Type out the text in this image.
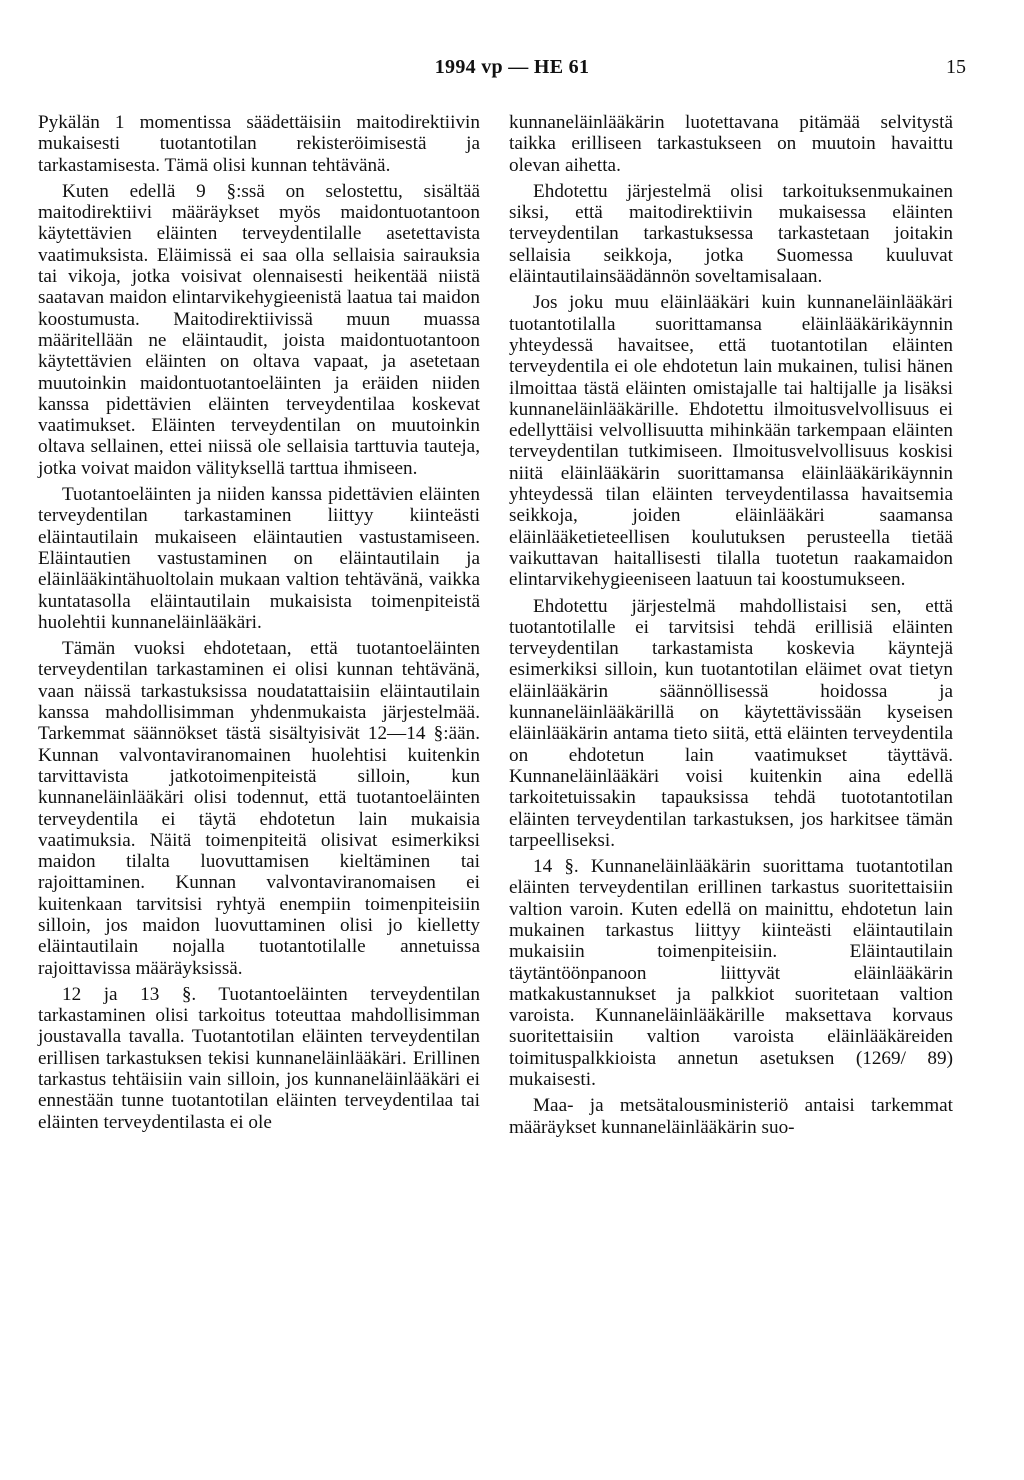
1994 vp — HE 61	15

Pykälän 1 momentissa säädettäisiin maitodirektiivin mukaisesti tuotantotilan rekisteröimisestä ja tarkastamisesta. Tämä olisi kunnan tehtävänä.

Kuten edellä 9 §:ssä on selostettu, sisältää maitodirektiivi määräykset myös maidontuotantoon käytettävien eläinten terveydentilalle asetettavista vaatimuksista. Eläimissä ei saa olla sellaisia sairauksia tai vikoja, jotka voisivat olennaisesti heikentää niistä saatavan maidon elintarvikehygieenistä laatua tai maidon koostumusta. Maitodirektiivissä muun muassa määritellään ne eläintaudit, joista maidontuotantoon käytettävien eläinten on oltava vapaat, ja asetetaan muutoinkin maidontuotantoeläinten ja eräiden niiden kanssa pidettävien eläinten terveydentilaa koskevat vaatimukset. Eläinten terveydentilan on muutoinkin oltava sellainen, ettei niissä ole sellaisia tarttuvia tauteja, jotka voivat maidon välityksellä tarttua ihmiseen.

Tuotantoeläinten ja niiden kanssa pidettävien eläinten terveydentilan tarkastaminen liittyy kiinteästi eläintautilain mukaiseen eläintautien vastustamiseen. Eläintautien vastustaminen on eläintautilain ja eläinlääkintähuoltolain mukaan valtion tehtävänä, vaikka kuntatasolla eläintautilain mukaisista toimenpiteistä huolehtii kunnaneläinlääkäri.

Tämän vuoksi ehdotetaan, että tuotantoeläinten terveydentilan tarkastaminen ei olisi kunnan tehtävänä, vaan näissä tarkastuksissa noudatattaisiin eläintautilain kanssa mahdollisimman yhdenmukaista järjestelmää. Tarkemmat säännökset tästä sisältyisivät 12—14 §:ään. Kunnan valvontaviranomainen huolehtisi kuitenkin tarvittavista jatkotoimenpiteistä silloin, kun kunnaneläinlääkäri olisi todennut, että tuotantoeläinten terveydentila ei täytä ehdotetun lain mukaisia vaatimuksia. Näitä toimenpiteitä olisivat esimerkiksi maidon tilalta luovuttamisen kieltäminen tai rajoittaminen. Kunnan valvontaviranomaisen ei kuitenkaan tarvitsisi ryhtyä enempiin toimenpiteisiin silloin, jos maidon luovuttaminen olisi jo kielletty eläintautilain nojalla tuotantotilalle annetuissa rajoittavissa määräyksissä.

12 ja 13 §. Tuotantoeläinten terveydentilan tarkastaminen olisi tarkoitus toteuttaa mahdollisimman joustavalla tavalla. Tuotantotilan eläinten terveydentilan erillisen tarkastuksen tekisi kunnaneläinlääkäri. Erillinen tarkastus tehtäisiin vain silloin, jos kunnaneläinlääkäri ei ennestään tunne tuotantotilan eläinten terveydentilaa tai eläinten terveydentilasta ei ole

kunnaneläinlääkärin luotettavana pitämää selvitystä taikka erilliseen tarkastukseen on muutoin havaittu olevan aihetta.

Ehdotettu järjestelmä olisi tarkoituksenmukainen siksi, että maitodirektiivin mukaisessa eläinten terveydentilan tarkastuksessa tarkastetaan joitakin sellaisia seikkoja, jotka Suomessa kuuluvat eläintautilainsäädännön soveltamisalaan.

Jos joku muu eläinlääkäri kuin kunnaneläinlääkäri tuotantotilalla suorittamansa eläinlääkärikäynnin yhteydessä havaitsee, että tuotantotilan eläinten terveydentila ei ole ehdotetun lain mukainen, tulisi hänen ilmoittaa tästä eläinten omistajalle tai haltijalle ja lisäksi kunnaneläinlääkärille. Ehdotettu ilmoitusvelvollisuus ei edellyttäisi velvollisuutta mihinkään tarkempaan eläinten terveydentilan tutkimiseen. Ilmoitusvelvollisuus koskisi niitä eläinlääkärin suorittamansa eläinlääkärikäynnin yhteydessä tilan eläinten terveydentilassa havaitsemia seikkoja, joiden eläinlääkäri saamansa eläinlääketieteellisen koulutuksen perusteella tietää vaikuttavan haitallisesti tilalla tuotetun raakamaidon elintarvikehygieeniseen laatuun tai koostumukseen.

Ehdotettu järjestelmä mahdollistaisi sen, että tuotantotilalle ei tarvitsisi tehdä erillisiä eläinten terveydentilan tarkastamista koskevia käyntejä esimerkiksi silloin, kun tuotantotilan eläimet ovat tietyn eläinlääkärin säännöllisessä hoidossa ja kunnaneläinlääkärillä on käytettävissään kyseisen eläinlääkärin antama tieto siitä, että eläinten terveydentila on ehdotetun lain vaatimukset täyttävä. Kunnaneläinlääkäri voisi kuitenkin aina edellä tarkoitetuissakin tapauksissa tehdä tuototantotilan eläinten terveydentilan tarkastuksen, jos harkitsee tämän tarpeelliseksi.

14 §. Kunnaneläinlääkärin suorittama tuotantotilan eläinten terveydentilan erillinen tarkastus suoritettaisiin valtion varoin. Kuten edellä on mainittu, ehdotetun lain mukainen tarkastus liittyy kiinteästi eläintautilain mukaisiin toimenpiteisiin. Eläintautilain täytäntöönpanoon liittyvät eläinlääkärin matkakustannukset ja palkkiot suoritetaan valtion varoista. Kunnaneläinlääkärille maksettava korvaus suoritettaisiin valtion varoista eläinlääkäreiden toimituspalkkioista annetun asetuksen (1269/ 89) mukaisesti.

Maa- ja metsätalousministeriö antaisi tarkemmat määräykset kunnaneläinlääkärin suo-
